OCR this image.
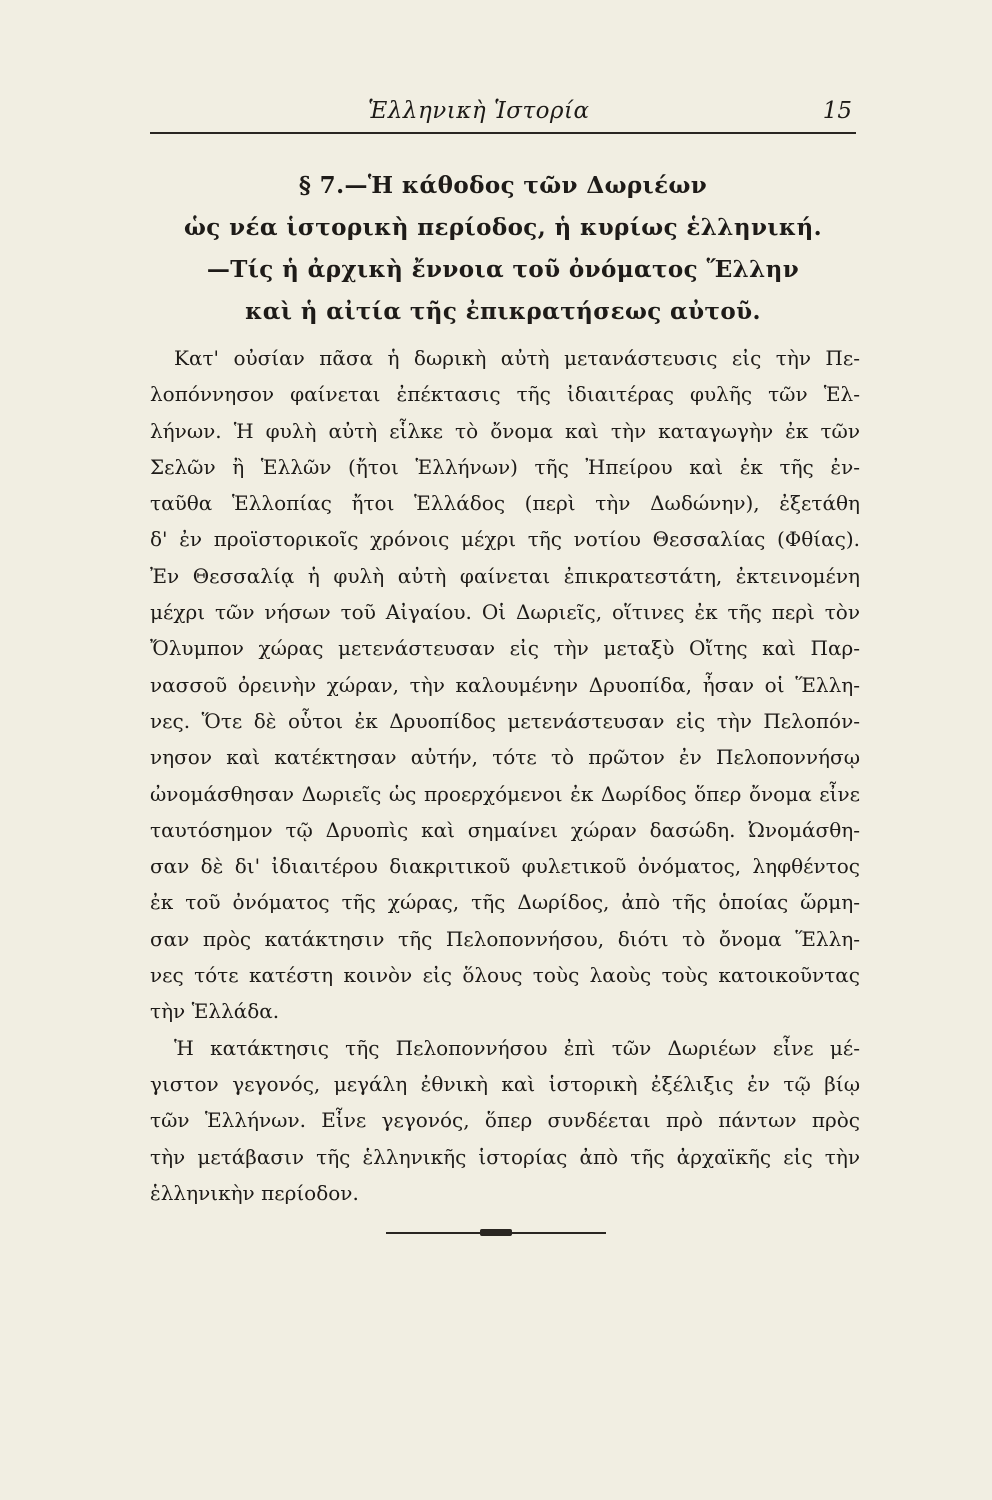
Ἑλληνικὴ Ἱστορία	15
§ 7.—Ἡ κάθοδος τῶν Δωριέων
ὡς νέα ἱστορικὴ περίοδος, ἡ κυρίως ἑλληνική.
—Τίς ἡ ἀρχικὴ ἔννοια τοῦ ὀνόματος Ἕλλην
καὶ ἡ αἰτία τῆς ἐπικρατήσεως αὐτοῦ.
Κατ' οὐσίαν πᾶσα ἡ δωρικὴ αὐτὴ μετανάστευσις εἰς τὴν Πε-
λοπόννησον φαίνεται ἐπέκτασις τῆς ἰδιαιτέρας φυλῆς τῶν Ἑλ-
λήνων. Ἡ φυλὴ αὐτὴ εἷλκε τὸ ὄνομα καὶ τὴν καταγωγὴν ἐκ τῶν
Σελῶν ἢ Ἑλλῶν (ἤτοι Ἑλλήνων) τῆς Ἠπείρου καὶ ἐκ τῆς ἐν-
ταῦθα Ἑλλοπίας ἤτοι Ἑλλάδος (περὶ τὴν Δωδώνην), ἐξετάθη
δ' ἐν προϊστορικοῖς χρόνοις μέχρι τῆς νοτίου Θεσσαλίας (Φθίας).
Ἐν Θεσσαλίᾳ ἡ φυλὴ αὐτὴ φαίνεται ἐπικρατεστάτη, ἐκτεινομένη
μέχρι τῶν νήσων τοῦ Αἰγαίου. Οἱ Δωριεῖς, οἵτινες ἐκ τῆς περὶ τὸν
Ὄλυμπον χώρας μετενάστευσαν εἰς τὴν μεταξὺ Οἴτης καὶ Παρ-
νασσοῦ ὀρεινὴν χώραν, τὴν καλουμένην Δρυοπίδα, ἦσαν οἱ Ἕλλη-
νες. Ὅτε δὲ οὗτοι ἐκ Δρυοπίδος μετενάστευσαν εἰς τὴν Πελοπόν-
νησον καὶ κατέκτησαν αὐτήν, τότε τὸ πρῶτον ἐν Πελοποννήσῳ
ὠνομάσθησαν Δωριεῖς ὡς προερχόμενοι ἐκ Δωρίδος ὅπερ ὄνομα εἶνε
ταυτόσημον τῷ Δρυοπὶς καὶ σημαίνει χώραν δασώδη. Ὠνομάσθη-
σαν δὲ δι' ἰδιαιτέρου διακριτικοῦ φυλετικοῦ ὀνόματος, ληφθέντος
ἐκ τοῦ ὀνόματος τῆς χώρας, τῆς Δωρίδος, ἀπὸ τῆς ὁποίας ὥρμη-
σαν πρὸς κατάκτησιν τῆς Πελοποννήσου, διότι τὸ ὄνομα Ἕλλη-
νες τότε κατέστη κοινὸν εἰς ὅλους τοὺς λαοὺς τοὺς κατοικοῦντας
τὴν Ἑλλάδα.
Ἡ κατάκτησις τῆς Πελοποννήσου ἐπὶ τῶν Δωριέων εἶνε μέ-
γιστον γεγονός, μεγάλη ἐθνικὴ καὶ ἱστορικὴ ἐξέλιξις ἐν τῷ βίῳ
τῶν Ἑλλήνων. Εἶνε γεγονός, ὅπερ συνδέεται πρὸ πάντων πρὸς
τὴν μετάβασιν τῆς ἑλληνικῆς ἱστορίας ἀπὸ τῆς ἀρχαϊκῆς εἰς τὴν
ἑλληνικὴν περίοδον.
